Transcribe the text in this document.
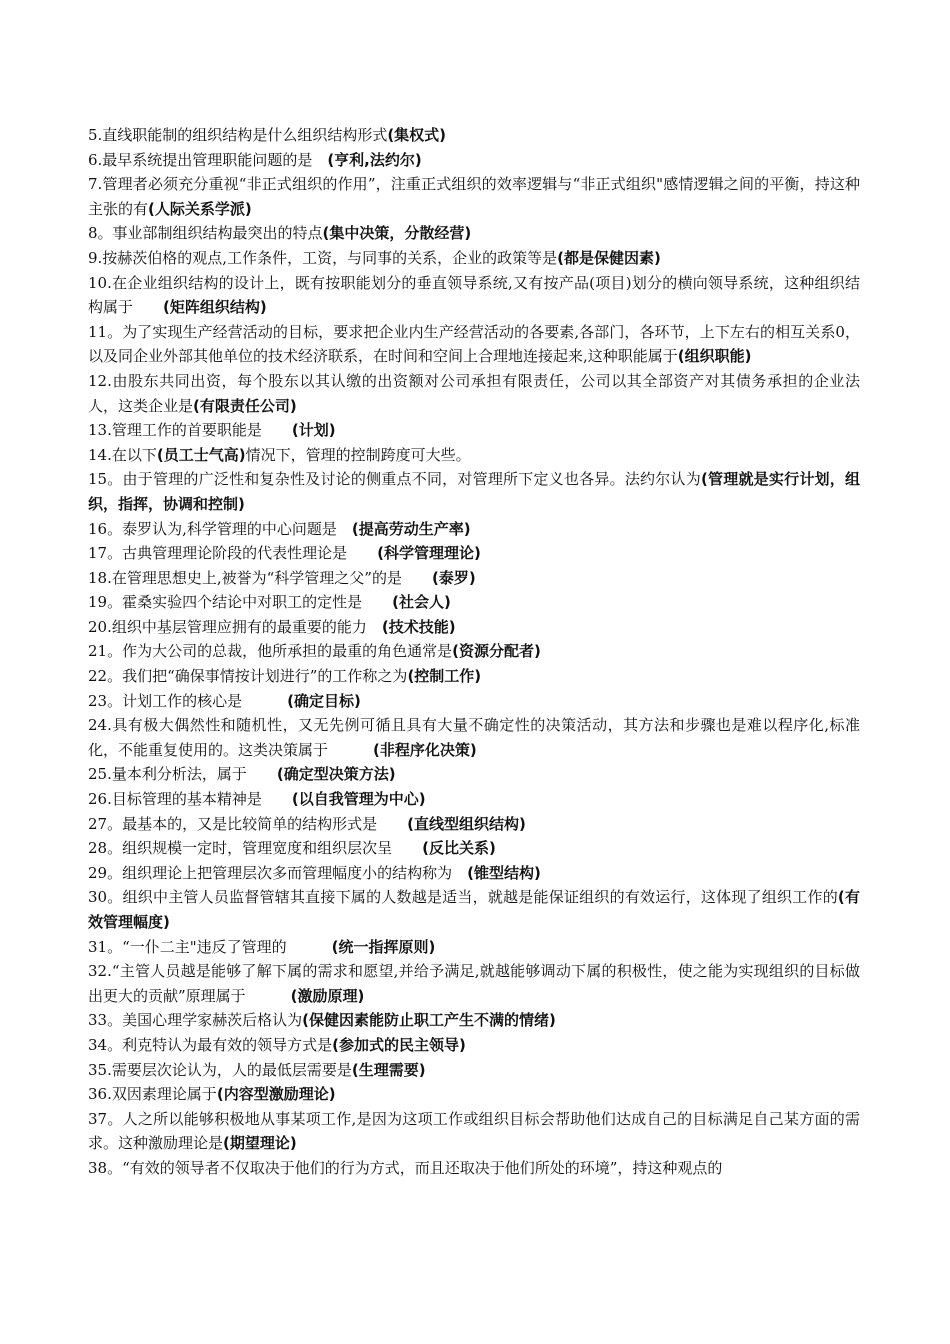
5.直线职能制的组织结构是什么组织结构形式(集权式)

6.最早系统提出管理职能问题的是　(亨利,法约尔)

7.管理者必须充分重视“非正式组织的作用”，注重正式组织的效率逻辑与“非正式组织"感情逻辑之间的平衡，持这种主张的有(人际关系学派)

8。事业部制组织结构最突出的特点(集中决策，分散经营)

9.按赫茨伯格的观点,工作条件，工资，与同事的关系，企业的政策等是(都是保健因素)

10.在企业组织结构的设计上，既有按职能划分的垂直领导系统,又有按产品(项目)划分的横向领导系统，这种组织结构属于　　(矩阵组织结构)

11。为了实现生产经营活动的目标，要求把企业内生产经营活动的各要素,各部门，各环节，上下左右的相互关系0，以及同企业外部其他单位的技术经济联系，在时间和空间上合理地连接起来,这种职能属于(组织职能)

12.由股东共同出资，每个股东以其认缴的出资额对公司承担有限责任，公司以其全部资产对其债务承担的企业法人，这类企业是(有限责任公司)

13.管理工作的首要职能是　　(计划)

14.在以下(员工士气高)情况下，管理的控制跨度可大些。

15。由于管理的广泛性和复杂性及讨论的侧重点不同，对管理所下定义也各异。法约尔认为(管理就是实行计划，组织，指挥，协调和控制)

16。泰罗认为,科学管理的中心问题是　(提高劳动生产率)

17。古典管理理论阶段的代表性理论是　　(科学管理理论)

18.在管理思想史上,被誉为“科学管理之父”的是　　(泰罗)

19。霍桑实验四个结论中对职工的定性是　　(社会人)

20.组织中基层管理应拥有的最重要的能力　(技术技能)

21。作为大公司的总裁，他所承担的最重的角色通常是(资源分配者)

22。我们把“确保事情按计划进行”的工作称之为(控制工作)

23。计划工作的核心是　　　(确定目标)

24.具有极大偶然性和随机性，又无先例可循且具有大量不确定性的决策活动，其方法和步骤也是难以程序化,标准化，不能重复使用的。这类决策属于　　　(非程序化决策)

25.量本利分析法，属于　　(确定型决策方法)

26.目标管理的基本精神是　　(以自我管理为中心)

27。最基本的，又是比较简单的结构形式是　　(直线型组织结构)

28。组织规模一定时，管理宽度和组织层次呈　　(反比关系)

29。组织理论上把管理层次多而管理幅度小的结构称为　(锥型结构)

30。组织中主管人员监督管辖其直接下属的人数越是适当，就越是能保证组织的有效运行，这体现了组织工作的(有效管理幅度)

31。“一仆二主"违反了管理的　　　(统一指挥原则)

32.“主管人员越是能够了解下属的需求和愿望,并给予满足,就越能够调动下属的积极性，使之能为实现组织的目标做出更大的贡献”原理属于　　　(激励原理)

33。美国心理学家赫茨后格认为(保健因素能防止职工产生不满的情绪)

34。利克特认为最有效的领导方式是(参加式的民主领导)

35.需要层次论认为，人的最低层需要是(生理需要)

36.双因素理论属于(内容型激励理论)

37。人之所以能够积极地从事某项工作,是因为这项工作或组织目标会帮助他们达成自己的目标满足自己某方面的需求。这种激励理论是(期望理论)

38。“有效的领导者不仅取决于他们的行为方式，而且还取决于他们所处的环境”，持这种观点的
